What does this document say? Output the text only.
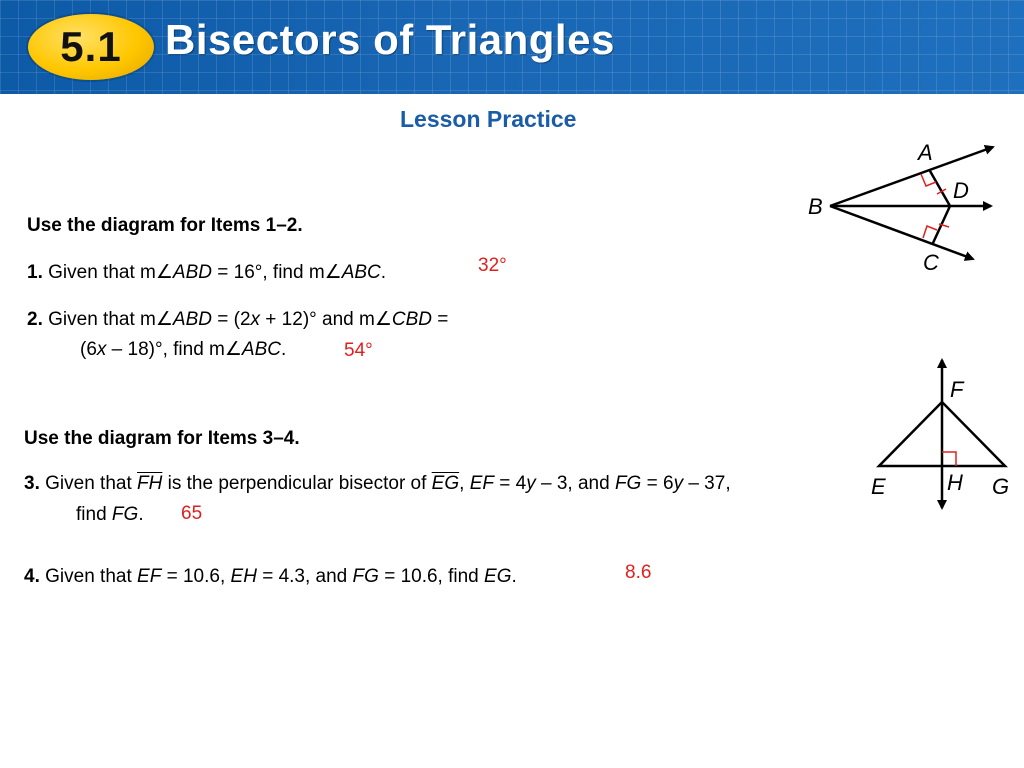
5.1 Bisectors of Triangles
Lesson Practice
Use the diagram for Items 1–2.
1. Given that m∠ABD = 16°, find m∠ABC.	32°
2. Given that m∠ABD = (2x + 12)° and m∠CBD =
(6x – 18)°, find m∠ABC.	54°
Use the diagram for Items 3–4.
3. Given that $\overline{FH}$ is the perpendicular bisector of $\overline{EG}$, EF = 4y – 3, and FG = 6y – 37,
find FG. 65
4. Given that EF = 10.6, EH = 4.3, and FG = 10.6, find EG.	8.6
A
B
C
D
F
E	H G
